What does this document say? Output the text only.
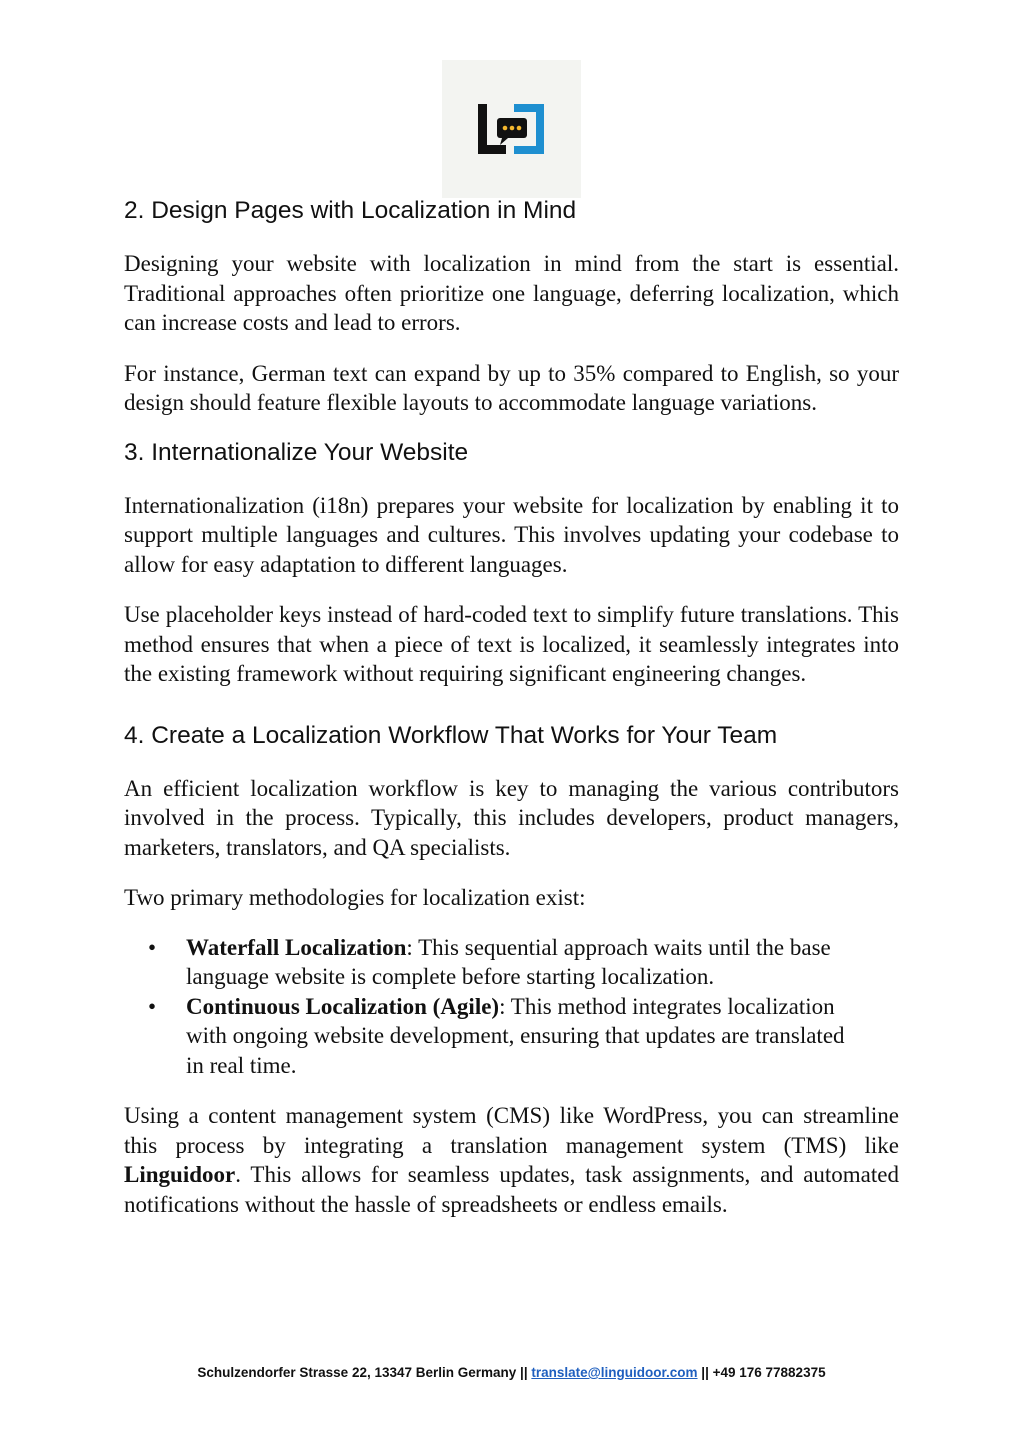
2. Design Pages with Localization in Mind

Designing your website with localization in mind from the start is essential. Traditional approaches often prioritize one language, deferring localization, which can increase costs and lead to errors.

For instance, German text can expand by up to 35% compared to English, so your design should feature flexible layouts to accommodate language variations.

3. Internationalize Your Website

Internationalization (i18n) prepares your website for localization by enabling it to support multiple languages and cultures. This involves updating your codebase to allow for easy adaptation to different languages.

Use placeholder keys instead of hard-coded text to simplify future translations. This method ensures that when a piece of text is localized, it seamlessly integrates into the existing framework without requiring significant engineering changes.

4. Create a Localization Workflow That Works for Your Team

An efficient localization workflow is key to managing the various contributors involved in the process. Typically, this includes developers, product managers, marketers, translators, and QA specialists.

Two primary methodologies for localization exist:

• Waterfall Localization: This sequential approach waits until the base language website is complete before starting localization.
• Continuous Localization (Agile): This method integrates localization with ongoing website development, ensuring that updates are translated in real time.

Using a content management system (CMS) like WordPress, you can streamline this process by integrating a translation management system (TMS) like Linguidoor. This allows for seamless updates, task assignments, and automated notifications without the hassle of spreadsheets or endless emails.

Schulzendorfer Strasse 22, 13347 Berlin Germany || translate@linguidoor.com || +49 176 77882375
